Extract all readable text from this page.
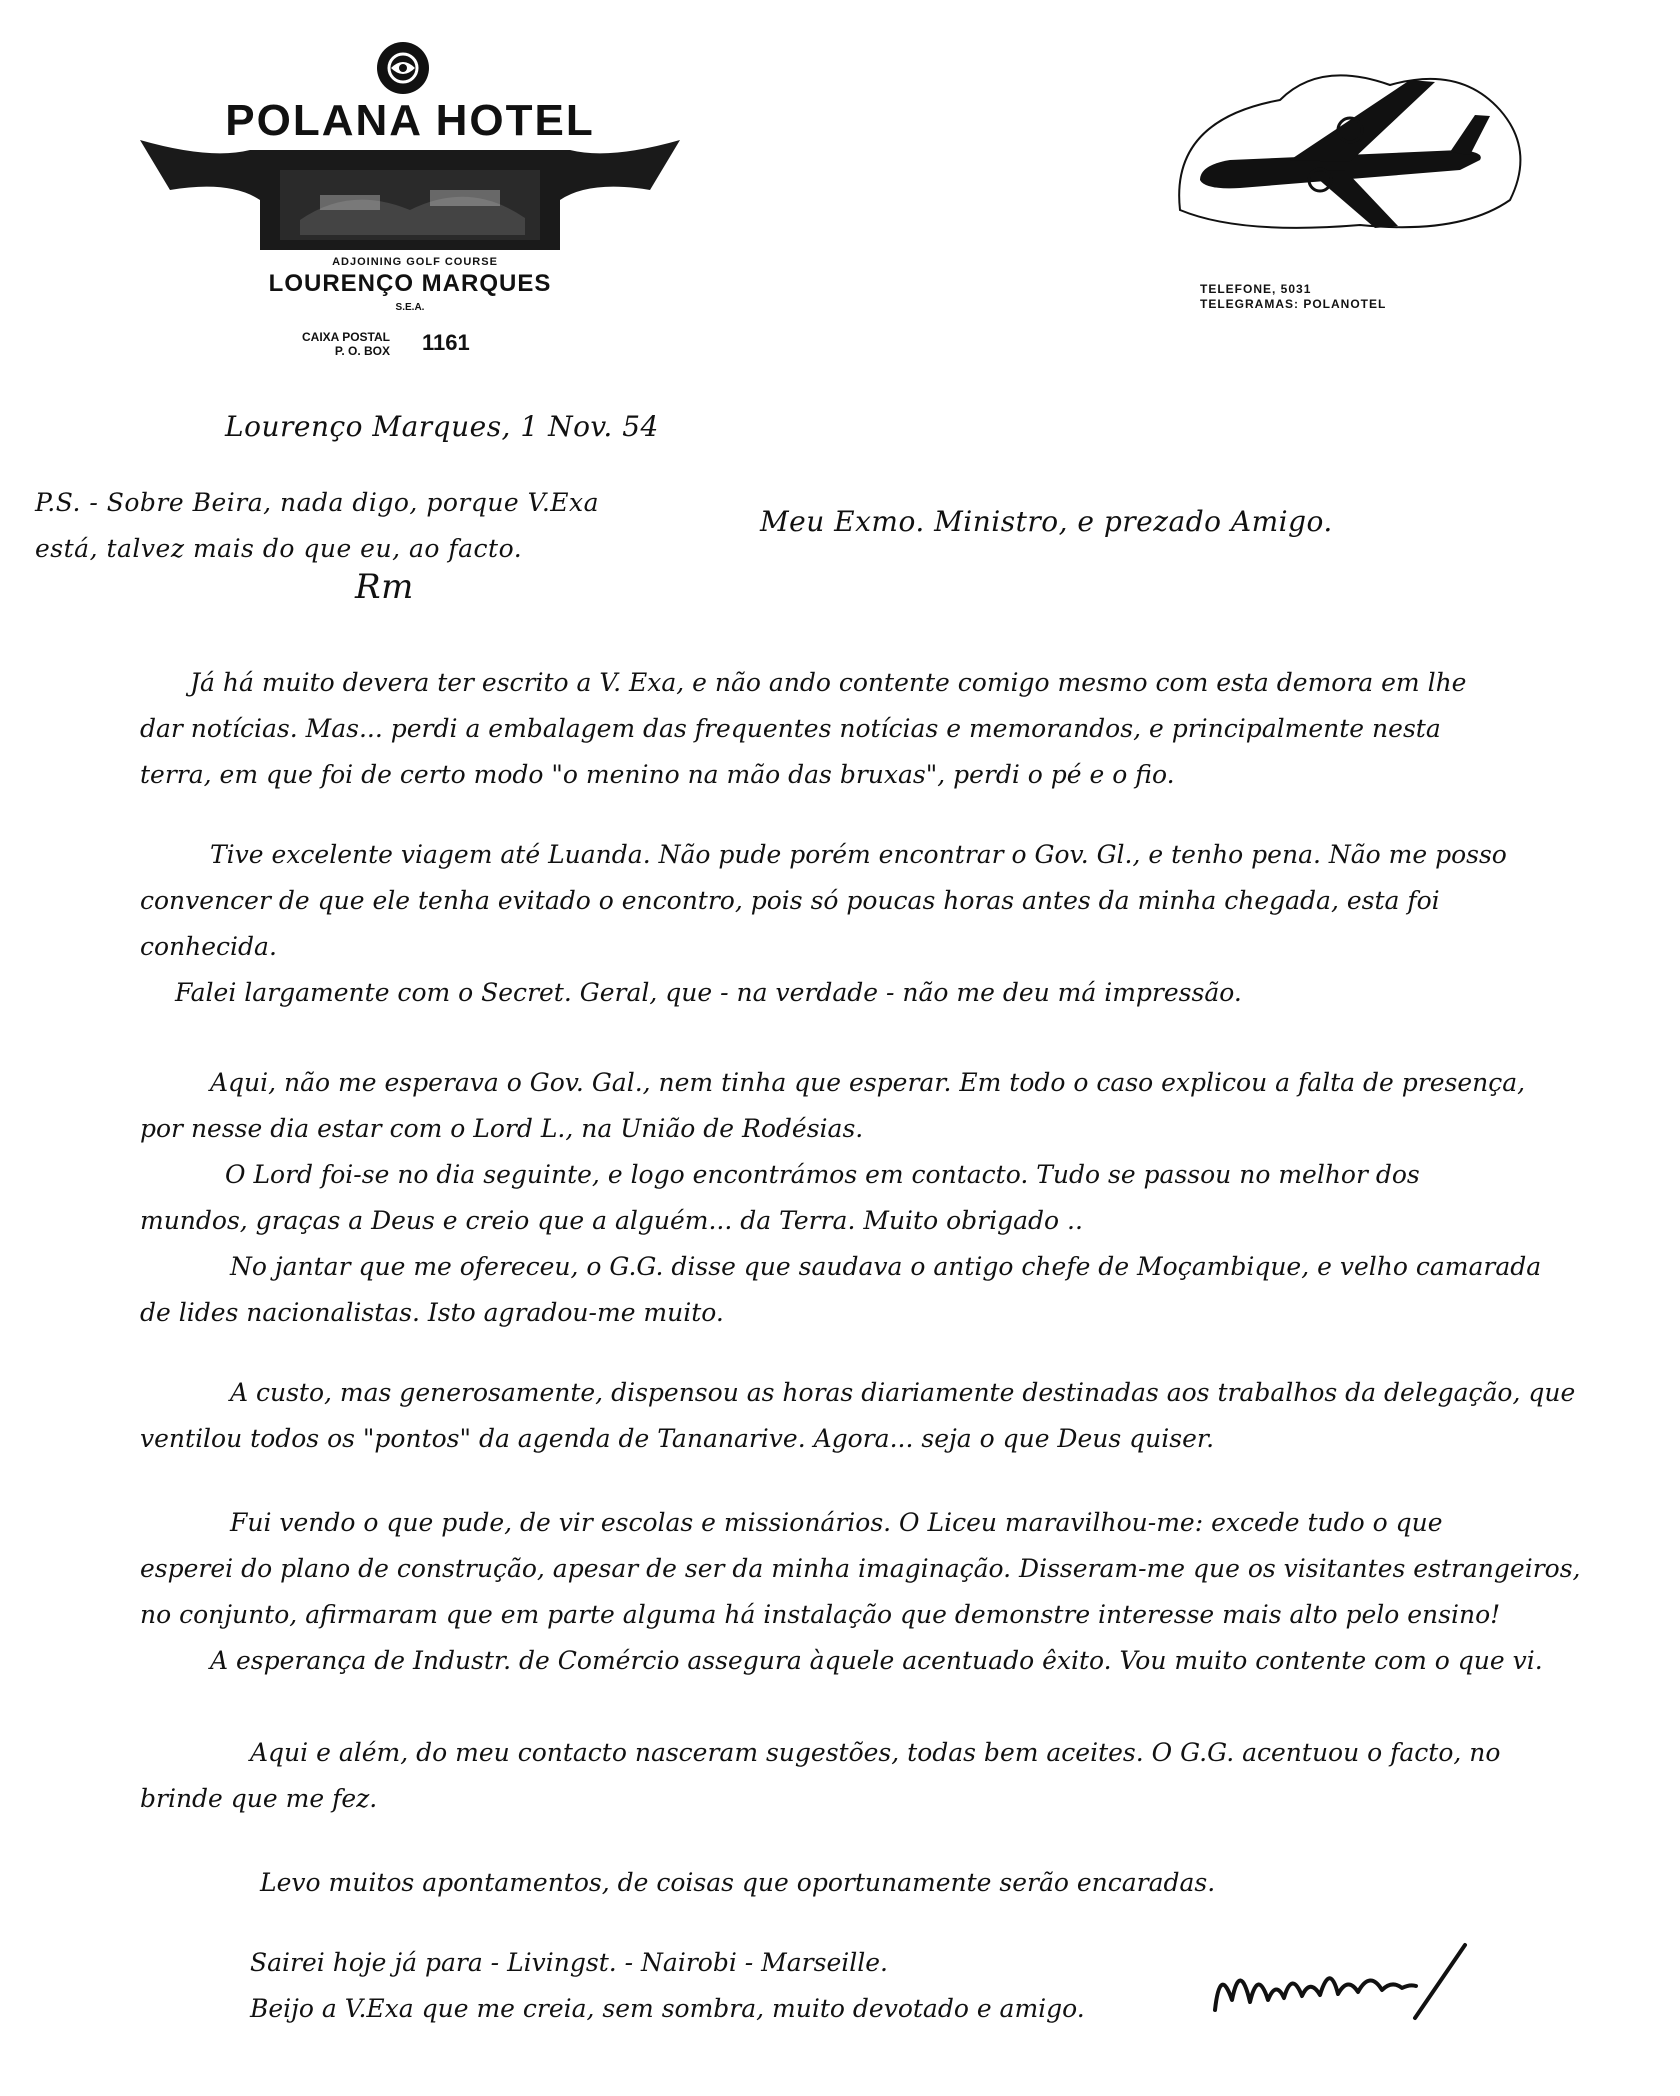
POLANA HOTEL
ADJOINING GOLF COURSE
LOURENÇO MARQUES
S.E.A.
CAIXA POSTAL
P. O. BOX 1161
TELEFONE, 5031
TELEGRAMAS: POLANOTEL
Lourenço Marques, 1 Nov. 54
P.S. - Sobre Beira, nada digo, porque V.Exa
está, talvez mais do que eu, ao facto.
Rm
Meu Exmo. Ministro, e prezado Amigo.
Já há muito devera ter escrito a V. Exa, e não ando contente comigo mesmo com esta demora em lhe
dar notícias. Mas... perdi a embalagem das frequentes notícias e memorandos, e principalmente nesta
terra, em que foi de certo modo "o menino na mão das bruxas", perdi o pé e o fio.
Tive excelente viagem até Luanda. Não pude porém encontrar o Gov. Gl., e tenho pena. Não me posso
convencer de que ele tenha evitado o encontro, pois só poucas horas antes da minha chegada, esta foi
conhecida.
Falei largamente com o Secret. Geral, que - na verdade - não me deu má impressão.
Aqui, não me esperava o Gov. Gal., nem tinha que esperar. Em todo o caso explicou a falta de presença,
por nesse dia estar com o Lord L., na União de Rodésias.
O Lord foi-se no dia seguinte, e logo encontrámos em contacto. Tudo se passou no melhor dos
mundos, graças a Deus e creio que a alguém... da Terra. Muito obrigado ..
No jantar que me ofereceu, o G.G. disse que saudava o antigo chefe de Moçambique, e velho camarada
de lides nacionalistas. Isto agradou-me muito.
A custo, mas generosamente, dispensou as horas diariamente destinadas aos trabalhos da delegação, que
ventilou todos os "pontos" da agenda de Tananarive. Agora... seja o que Deus quiser.
Fui vendo o que pude, de vir escolas e missionários. O Liceu maravilhou-me: excede tudo o que
esperei do plano de construção, apesar de ser da minha imaginação. Disseram-me que os visitantes estrangeiros,
no conjunto, afirmaram que em parte alguma há instalação que demonstre interesse mais alto pelo ensino!
A esperança de Industr. de Comércio assegura àquele acentuado êxito. Vou muito contente com o que vi.
Aqui e além, do meu contacto nasceram sugestões, todas bem aceites. O G.G. acentuou o facto, no
brinde que me fez.
Levo muitos apontamentos, de coisas que oportunamente serão encaradas.
Sairei hoje já para - Livingst. - Nairobi - Marseille.
Beijo a V.Exa que me creia, sem sombra, muito devotado e amigo.
